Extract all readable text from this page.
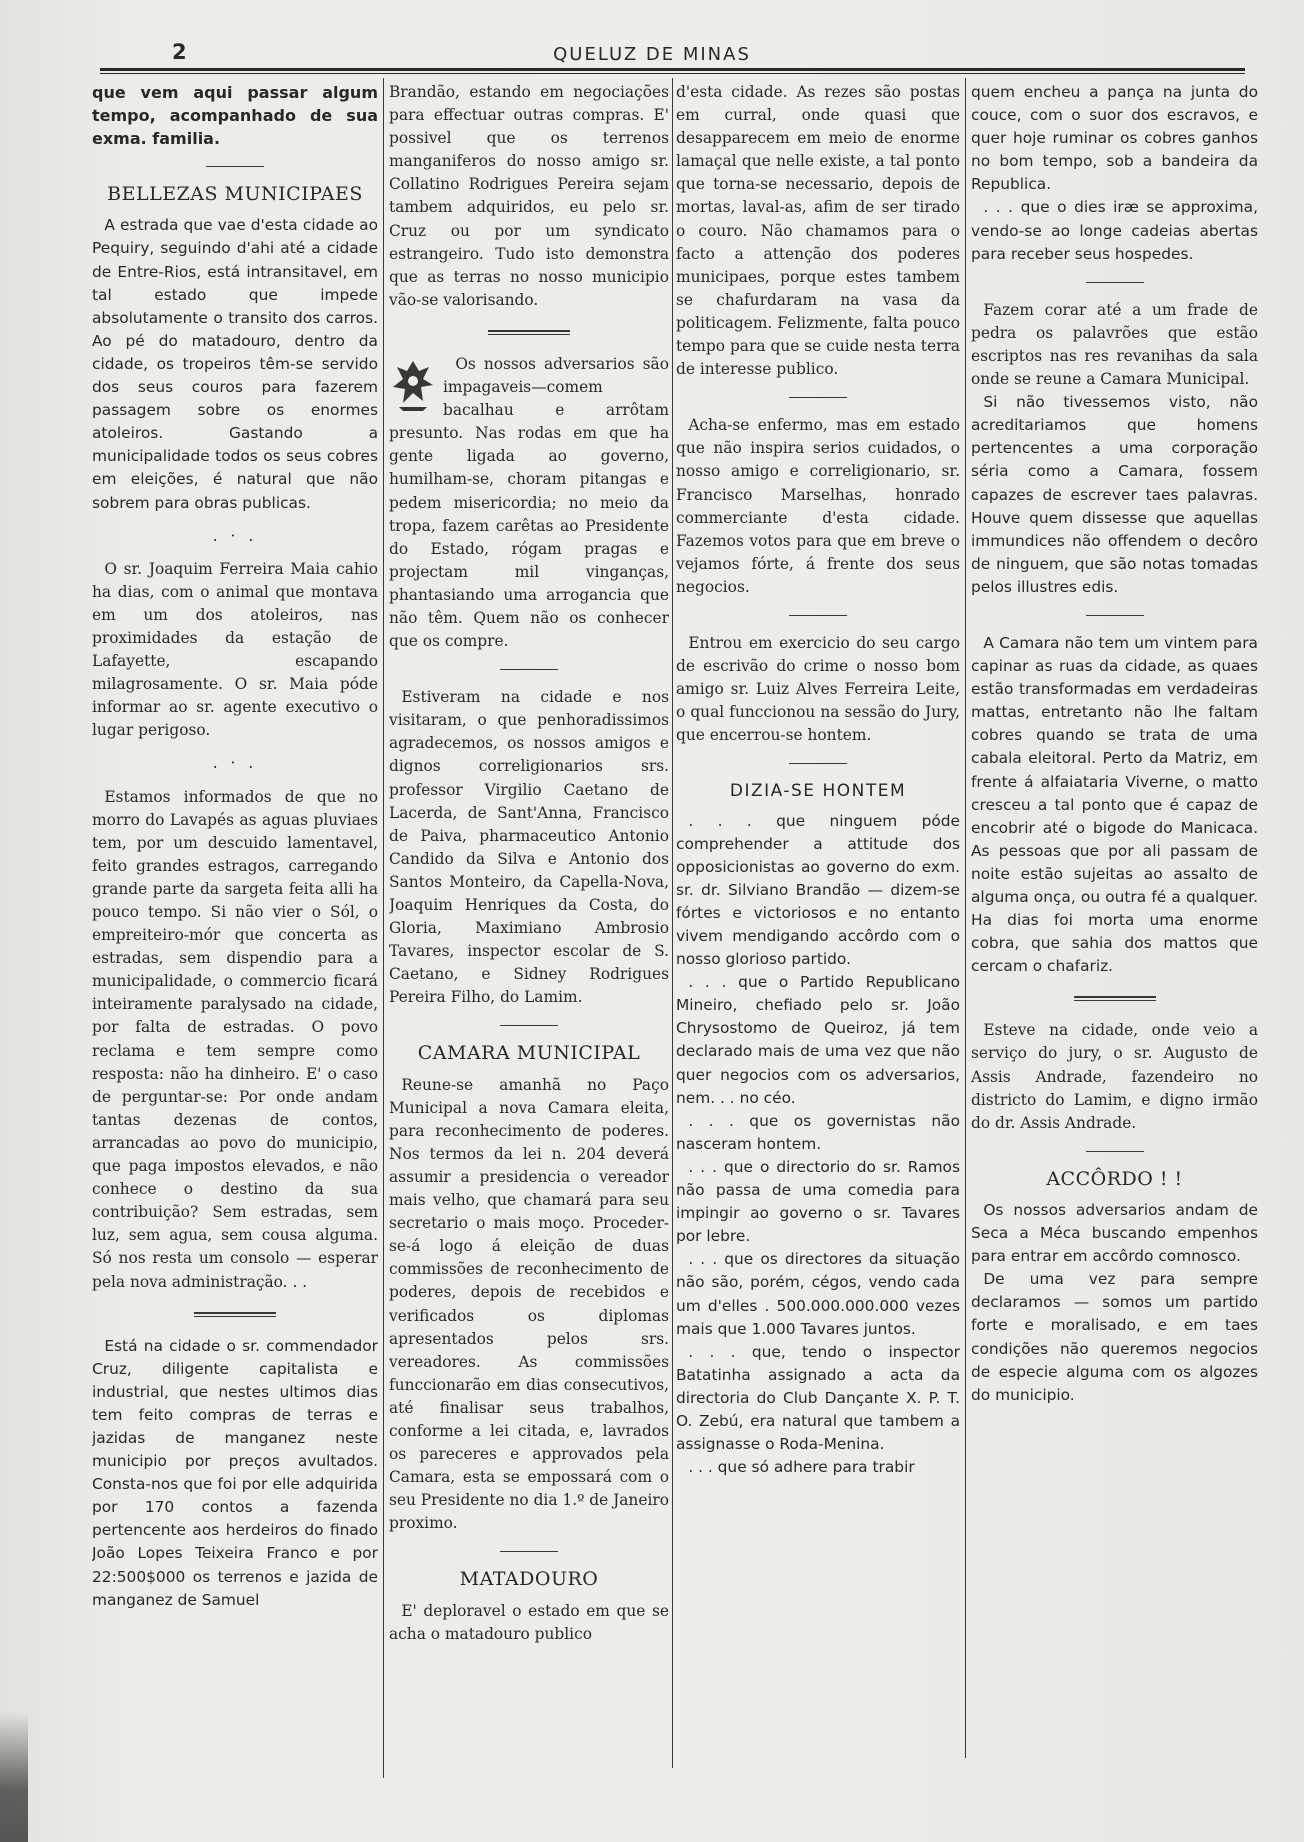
2	QUELUZ DE MINAS

que vem aqui passar algum tempo, acompanhado de sua exma. familia.

BELLEZAS MUNICIPAES

A estrada que vae d'esta cidade ao Pequiry, seguindo d'ahi até a cidade de Entre-Rios, está intransitavel, em tal estado que impede absolutamente o transito dos carros. Ao pé do matadouro, dentro da cidade, os tropeiros têm-se servido dos seus couros para fazerem passagem sobre os enormes atoleiros. Gastando a municipalidade todos os seus cobres em eleições, é natural que não sobrem para obras publicas.

. · .

O sr. Joaquim Ferreira Maia cahio ha dias, com o animal que montava em um dos atoleiros, nas proximidades da estação de Lafayette, escapando milagrosamente. O sr. Maia póde informar ao sr. agente executivo o lugar perigoso.

. · .

Estamos informados de que no morro do Lavapés as aguas pluviaes tem, por um descuido lamentavel, feito grandes estragos, carregando grande parte da sargeta feita alli ha pouco tempo. Si não vier o Sól, o empreiteiro-mór que concerta as estradas, sem dispendio para a municipalidade, o commercio ficará inteiramente paralysado na cidade, por falta de estradas. O povo reclama e tem sempre como resposta: não ha dinheiro. E' o caso de perguntar-se: Por onde andam tantas dezenas de contos, arrancadas ao povo do municipio, que paga impostos elevados, e não conhece o destino da sua contribuição? Sem estradas, sem luz, sem agua, sem cousa alguma. Só nos resta um consolo — esperar pela nova administração. . .

Está na cidade o sr. commendador Cruz, diligente capitalista e industrial, que nestes ultimos dias tem feito compras de terras e jazidas de manganez neste municipio por preços avultados. Consta-nos que foi por elle adquirida por 170 contos a fazenda pertencente aos herdeiros do finado João Lopes Teixeira Franco e por 22:500$000 os terrenos e jazida de manganez de Samuel

Brandão, estando em negociações para effectuar outras compras. E' possivel que os terrenos manganiferos do nosso amigo sr. Collatino Rodrigues Pereira sejam tambem adquiridos, eu pelo sr. Cruz ou por um syndicato estrangeiro. Tudo isto demonstra que as terras no nosso municipio vão-se valorisando.

Os nossos adversarios são impagaveis—comem bacalhau e arrôtam presunto. Nas rodas em que ha gente ligada ao governo, humilham-se, choram pitangas e pedem misericordia; no meio da tropa, fazem carêtas ao Presidente do Estado, rógam pragas e projectam mil vinganças, phantasiando uma arrogancia que não têm. Quem não os conhecer que os compre.

Estiveram na cidade e nos visitaram, o que penhoradissimos agradecemos, os nossos amigos e dignos correligionarios srs. professor Virgilio Caetano de Lacerda, de Sant'Anna, Francisco de Paiva, pharmaceutico Antonio Candido da Silva e Antonio dos Santos Monteiro, da Capella-Nova, Joaquim Henriques da Costa, do Gloria, Maximiano Ambrosio Tavares, inspector escolar de S. Caetano, e Sidney Rodrigues Pereira Filho, do Lamim.

CAMARA MUNICIPAL

Reune-se amanhã no Paço Municipal a nova Camara eleita, para reconhecimento de poderes. Nos termos da lei n. 204 deverá assumir a presidencia o vereador mais velho, que chamará para seu secretario o mais moço. Proceder-se-á logo á eleição de duas commissões de reconhecimento de poderes, depois de recebidos e verificados os diplomas apresentados pelos srs. vereadores. As commissões funccionarão em dias consecutivos, até finalisar seus trabalhos, conforme a lei citada, e, lavrados os pareceres e approvados pela Camara, esta se empossará com o seu Presidente no dia 1.º de Janeiro proximo.

MATADOURO

E' deploravel o estado em que se acha o matadouro publico

d'esta cidade. As rezes são postas em curral, onde quasi que desapparecem em meio de enorme lamaçal que nelle existe, a tal ponto que torna-se necessario, depois de mortas, laval-as, afim de ser tirado o couro. Não chamamos para o facto a attenção dos poderes municipaes, porque estes tambem se chafurdaram na vasa da politicagem. Felizmente, falta pouco tempo para que se cuide nesta terra de interesse publico.

Acha-se enfermo, mas em estado que não inspira serios cuidados, o nosso amigo e correligionario, sr. Francisco Marselhas, honrado commerciante d'esta cidade. Fazemos votos para que em breve o vejamos fórte, á frente dos seus negocios.

Entrou em exercicio do seu cargo de escrivão do crime o nosso bom amigo sr. Luiz Alves Ferreira Leite, o qual funccionou na sessão do Jury, que encerrou-se hontem.

DIZIA-SE HONTEM

. . . que ninguem póde comprehender a attitude dos opposicionistas ao governo do exm. sr. dr. Silviano Brandão — dizem-se fórtes e victoriosos e no entanto vivem mendigando accôrdo com o nosso glorioso partido.

. . . que o Partido Republicano Mineiro, chefiado pelo sr. João Chrysostomo de Queiroz, já tem declarado mais de uma vez que não quer negocios com os adversarios, nem. . . no céo.

. . . que os governistas não nasceram hontem.

. . . que o directorio do sr. Ramos não passa de uma comedia para impingir ao governo o sr. Tavares por lebre.

. . . que os directores da situação não são, porém, cégos, vendo cada um d'elles . 500.000.000.000 vezes mais que 1.000 Tavares juntos.

. . . que, tendo o inspector Batatinha assignado a acta da directoria do Club Dançante X. P. T. O. Zebú, era natural que tambem a assignasse o Roda-Menina.

. . . que só adhere para trabir

quem encheu a pança na junta do couce, com o suor dos escravos, e quer hoje ruminar os cobres ganhos no bom tempo, sob a bandeira da Republica.

. . . que o dies iræ se approxima, vendo-se ao longe cadeias abertas para receber seus hospedes.

Fazem corar até a um frade de pedra os palavrões que estão escriptos nas res revanihas da sala onde se reune a Camara Municipal.

Si não tivessemos visto, não acreditariamos que homens pertencentes a uma corporação séria como a Camara, fossem capazes de escrever taes palavras. Houve quem dissesse que aquellas immundices não offendem o decôro de ninguem, que são notas tomadas pelos illustres edis.

A Camara não tem um vintem para capinar as ruas da cidade, as quaes estão transformadas em verdadeiras mattas, entretanto não lhe faltam cobres quando se trata de uma cabala eleitoral. Perto da Matriz, em frente á alfaiataria Viverne, o matto cresceu a tal ponto que é capaz de encobrir até o bigode do Manicaca. As pessoas que por ali passam de noite estão sujeitas ao assalto de alguma onça, ou outra fé a qualquer. Ha dias foi morta uma enorme cobra, que sahia dos mattos que cercam o chafariz.

Esteve na cidade, onde veio a serviço do jury, o sr. Augusto de Assis Andrade, fazendeiro no districto do Lamim, e digno irmão do dr. Assis Andrade.

ACCÔRDO ! !

Os nossos adversarios andam de Seca a Méca buscando empenhos para entrar em accôrdo comnosco.

De uma vez para sempre declaramos — somos um partido forte e moralisado, e em taes condições não queremos negocios de especie alguma com os algozes do municipio.
